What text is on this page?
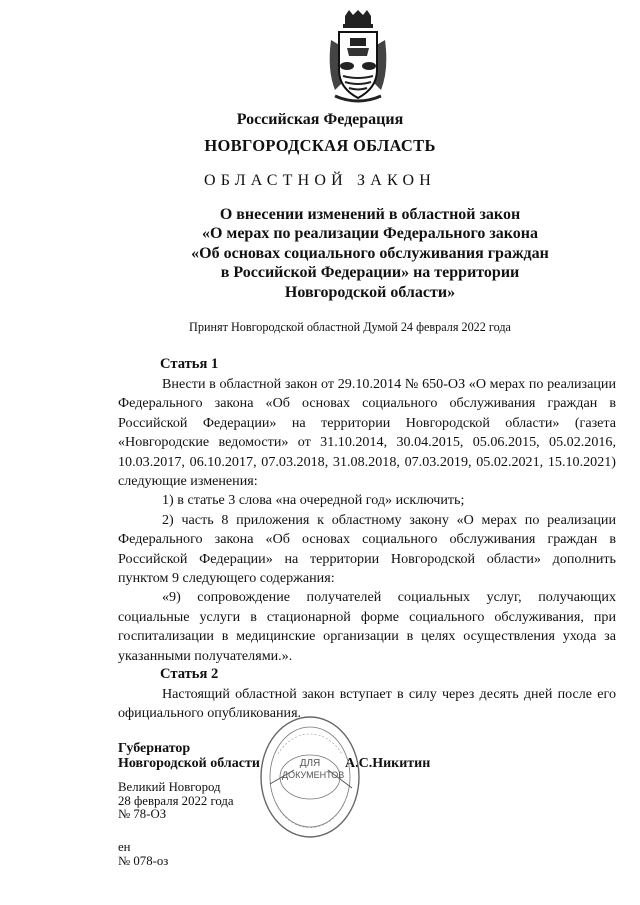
Российская Федерация
НОВГОРОДСКАЯ ОБЛАСТЬ
ОБЛАСТНОЙ ЗАКОН
О внесении изменений в областной закон
«О мерах по реализации Федерального закона
«Об основах социального обслуживания граждан
в Российской Федерации» на территории
Новгородской области»
Принят Новгородской областной Думой 24 февраля 2022 года
Статья 1

Внести в областной закон от 29.10.2014 № 650-ОЗ «О мерах по реализации Федерального закона «Об основах социального обслуживания граждан в Российской Федерации» на территории Новгородской области» (газета «Новгородские ведомости» от 31.10.2014, 30.04.2015, 05.06.2015, 05.02.2016, 10.03.2017, 06.10.2017, 07.03.2018, 31.08.2018, 07.03.2019, 05.02.2021, 15.10.2021) следующие изменения:

1) в статье 3 слова «на очередной год» исключить;

2) часть 8 приложения к областному закону «О мерах по реализации Федерального закона «Об основах социального обслуживания граждан в Российской Федерации» на территории Новгородской области» дополнить пунктом 9 следующего содержания:

«9) сопровождение получателей социальных услуг, получающих социальные услуги в стационарной форме социального обслуживания, при госпитализации в медицинские организации в целях осуществления ухода за указанными получателями.».

Статья 2

Настоящий областной закон вступает в силу через десять дней после его официального опубликования.

Губернатор
Новгородской области	А.С.Никитин
ДЛЯ
ДОКУМЕНТОВ
Великий Новгород
28 февраля 2022 года
№ 78-ОЗ
ен
№ 078-оз
